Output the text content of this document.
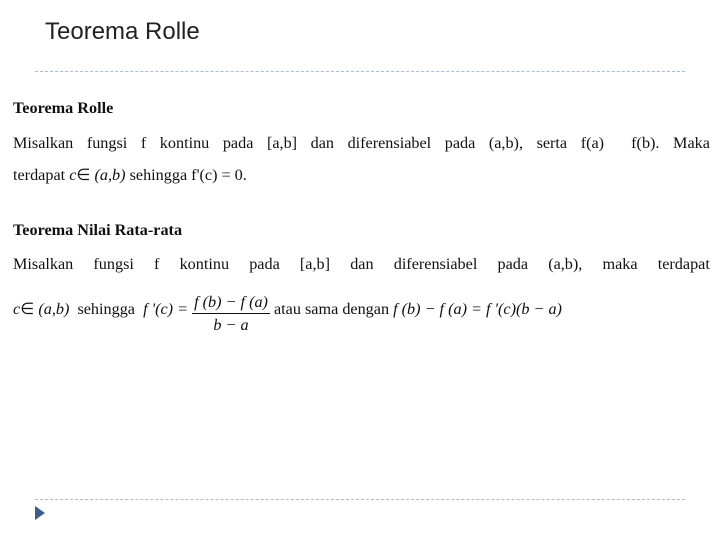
Teorema Rolle
Teorema Rolle
Misalkan fungsi f kontinu pada [a,b] dan diferensiabel pada (a,b), serta f(a) f(b). Maka
terdapat c∈ (a,b) sehingga f'(c) = 0.
Teorema Nilai Rata-rata
Misalkan fungsi f kontinu pada [a,b] dan diferensiabel pada (a,b), maka terdapat
c∈ (a,b) sehingga f '$(c) = \frac{f (b) - f (a)}{b - a}$ atau sama dengan f (b) − f (a) = f '(c)(b − a)
